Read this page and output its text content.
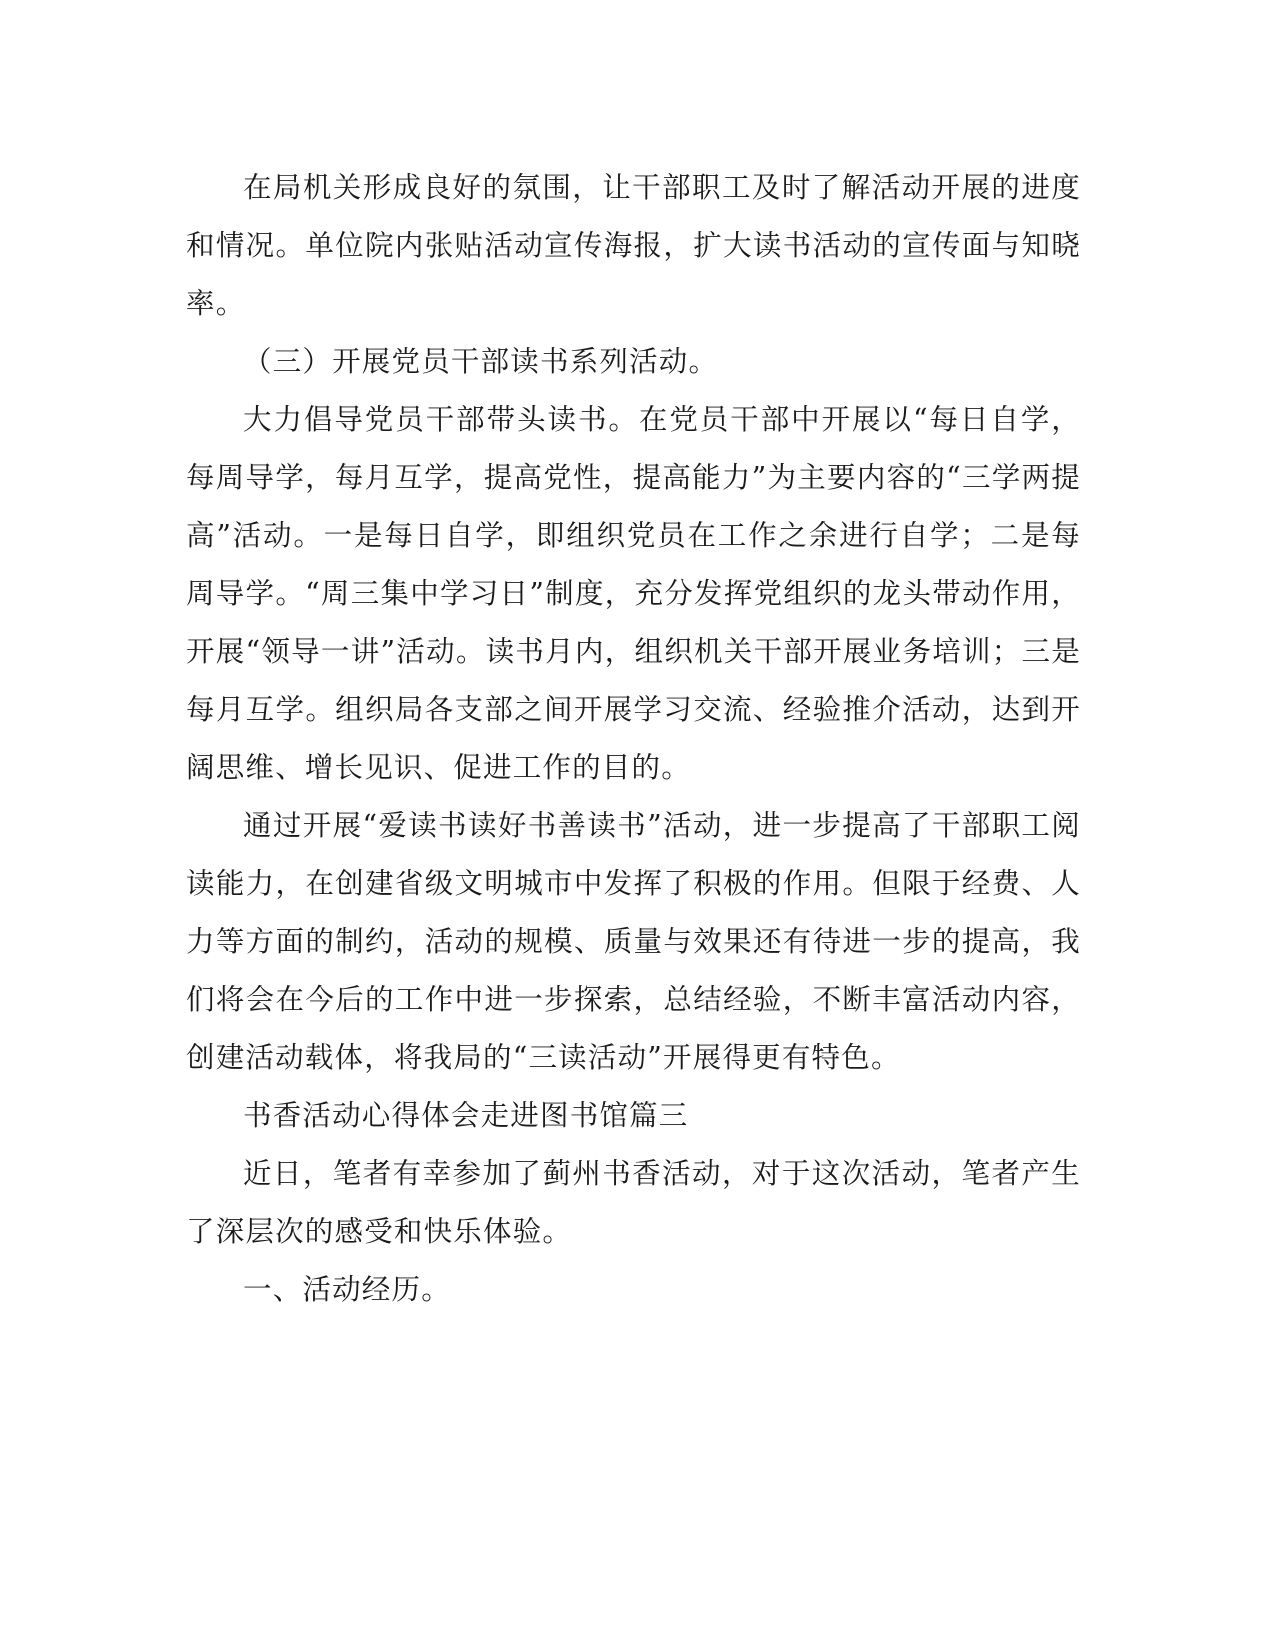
在局机关形成良好的氛围，让干部职工及时了解活动开展的进度和情况。单位院内张贴活动宣传海报，扩大读书活动的宣传面与知晓率。

（三）开展党员干部读书系列活动。

大力倡导党员干部带头读书。在党员干部中开展以“每日自学，每周导学，每月互学，提高党性，提高能力”为主要内容的“三学两提高”活动。一是每日自学，即组织党员在工作之余进行自学；二是每周导学。“周三集中学习日”制度，充分发挥党组织的龙头带动作用，开展“领导一讲”活动。读书月内，组织机关干部开展业务培训；三是每月互学。组织局各支部之间开展学习交流、经验推介活动，达到开阔思维、增长见识、促进工作的目的。

通过开展“爱读书读好书善读书”活动，进一步提高了干部职工阅读能力，在创建省级文明城市中发挥了积极的作用。但限于经费、人力等方面的制约，活动的规模、质量与效果还有待进一步的提高，我们将会在今后的工作中进一步探索，总结经验，不断丰富活动内容，创建活动载体，将我局的“三读活动”开展得更有特色。

书香活动心得体会走进图书馆篇三

近日，笔者有幸参加了蓟州书香活动，对于这次活动，笔者产生了深层次的感受和快乐体验。

一、活动经历。
